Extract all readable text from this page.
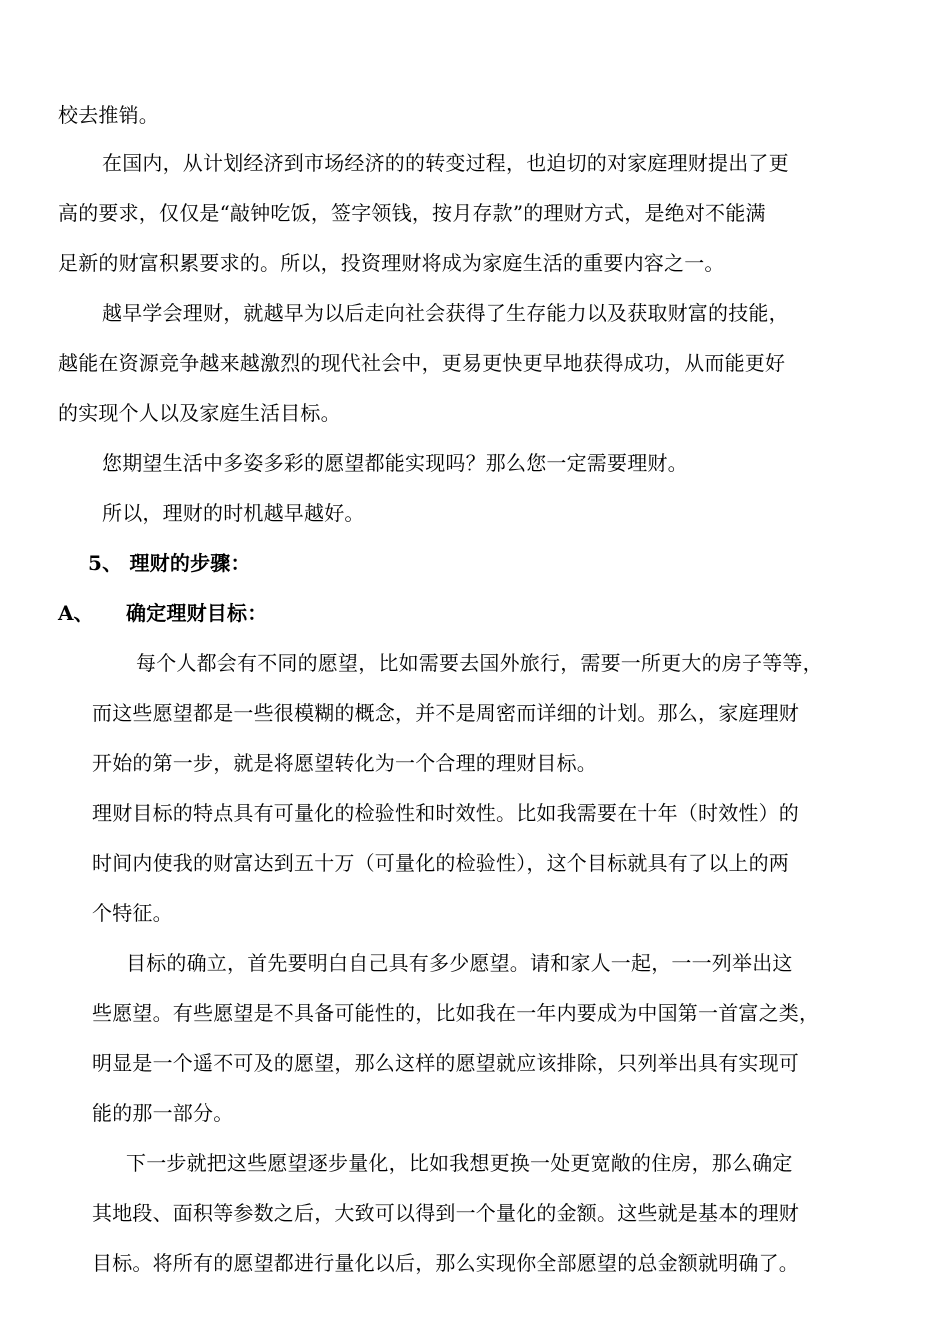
校去推销。
在国内，从计划经济到市场经济的的转变过程，也迫切的对家庭理财提出了更
高的要求，仅仅是“敲钟吃饭，签字领钱，按月存款”的理财方式，是绝对不能满
足新的财富积累要求的。所以，投资理财将成为家庭生活的重要内容之一。
越早学会理财，就越早为以后走向社会获得了生存能力以及获取财富的技能，
越能在资源竞争越来越激烈的现代社会中，更易更快更早地获得成功，从而能更好
的实现个人以及家庭生活目标。
您期望生活中多姿多彩的愿望都能实现吗？那么您一定需要理财。
所以，理财的时机越早越好。
5、 理财的步骤：
A、 确定理财目标：
每个人都会有不同的愿望，比如需要去国外旅行，需要一所更大的房子等等，
而这些愿望都是一些很模糊的概念，并不是周密而详细的计划。那么，家庭理财
开始的第一步，就是将愿望转化为一个合理的理财目标。
理财目标的特点具有可量化的检验性和时效性。比如我需要在十年（时效性）的
时间内使我的财富达到五十万（可量化的检验性），这个目标就具有了以上的两
个特征。
目标的确立，首先要明白自己具有多少愿望。请和家人一起，一一列举出这
些愿望。有些愿望是不具备可能性的，比如我在一年内要成为中国第一首富之类，
明显是一个遥不可及的愿望，那么这样的愿望就应该排除，只列举出具有实现可
能的那一部分。
下一步就把这些愿望逐步量化，比如我想更换一处更宽敞的住房，那么确定
其地段、面积等参数之后，大致可以得到一个量化的金额。这些就是基本的理财
目标。将所有的愿望都进行量化以后，那么实现你全部愿望的总金额就明确了。
